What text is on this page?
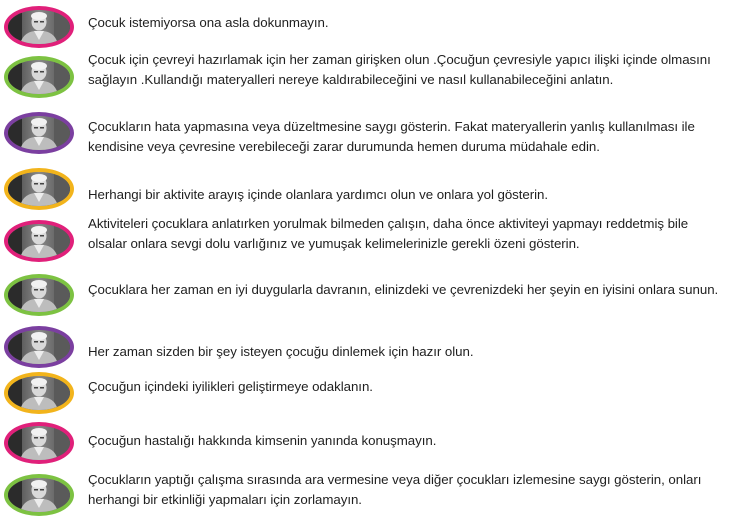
Çocuk istemiyorsa ona asla dokunmayın.

Çocuk için çevreyi hazırlamak için her zaman girişken olun .Çocuğun çevresiyle yapıcı ilişki içinde olmasını sağlayın .Kullandığı materyalleri nereye kaldırabileceğini ve nasıl kullanabileceğini anlatın.

Çocukların hata yapmasına veya düzeltmesine saygı gösterin. Fakat materyallerin yanlış kullanılması ile kendisine veya çevresine verebileceği zarar durumunda hemen duruma müdahale edin.

Herhangi bir aktivite arayış içinde olanlara yardımcı olun ve onlara yol gösterin.

Aktiviteleri çocuklara anlatırken yorulmak bilmeden çalışın, daha önce aktiviteyi yapmayı reddetmiş bile olsalar onlara sevgi dolu varlığınız ve yumuşak kelimelerinizle gerekli özeni gösterin.

Çocuklara her zaman en iyi duygularla davranın, elinizdeki ve çevrenizdeki her şeyin en iyisini onlara sunun.

Her zaman sizden bir şey isteyen çocuğu dinlemek için hazır olun.

Çocuğun içindeki iyilikleri geliştirmeye odaklanın.

Çocuğun hastalığı hakkında kimsenin yanında konuşmayın.

Çocukların yaptığı çalışma sırasında ara vermesine veya diğer çocukları izlemesine saygı gösterin, onları herhangi bir etkinliği yapmaları için zorlamayın.
